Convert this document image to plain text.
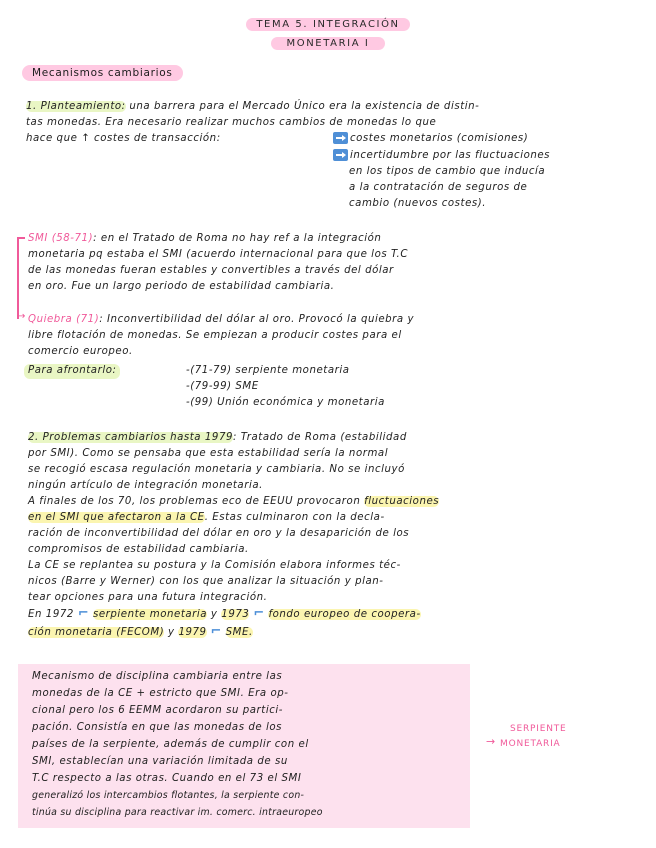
TEMA 5. INTEGRACIÓN
MONETARIA I
Mecanismos cambiarios
1. Planteamiento: una barrera para el Mercado Único era la existencia de distin-
tas monedas. Era necesario realizar muchos cambios de monedas lo que
hace que ↑ costes de transacción:	costes monetarios (comisiones)
incertidumbre por las fluctuaciones
en los tipos de cambio que inducía
a la contratación de seguros de
cambio (nuevos costes).
→
SMI (58-71): en el Tratado de Roma no hay ref a la integración
monetaria pq estaba el SMI (acuerdo internacional para que los T.C
de las monedas fueran estables y convertibles a través del dólar
en oro. Fue un largo periodo de estabilidad cambiaria.
Quiebra (71): Inconvertibilidad del dólar al oro. Provocó la quiebra y
libre flotación de monedas. Se empiezan a producir costes para el
comercio europeo.
Para afrontarlo:	-(71-79) serpiente monetaria
-(79-99) SME
-(99) Unión económica y monetaria
2. Problemas cambiarios hasta 1979: Tratado de Roma (estabilidad
por SMI). Como se pensaba que esta estabilidad sería la normal
se recogió escasa regulación monetaria y cambiaria. No se incluyó
ningún artículo de integración monetaria.
A finales de los 70, los problemas eco de EEUU provocaron fluctuaciones
en el SMI que afectaron a la CE. Estas culminaron con la decla-
ración de inconvertibilidad del dólar en oro y la desaparición de los
compromisos de estabilidad cambiaria.
La CE se replantea su postura y la Comisión elabora informes téc-
nicos (Barre y Werner) con los que analizar la situación y plan-
tear opciones para una futura integración.
En 1972 ⌐ serpiente monetaria y 1973 ⌐ fondo europeo de coopera-
ción monetaria (FECOM) y 1979 ⌐ SME.
Mecanismo de disciplina cambiaria entre las
monedas de la CE + estricto que SMI. Era op-
cional pero los 6 EEMM acordaron su partici-
pación. Consistía en que las monedas de los
países de la serpiente, además de cumplir con el
SMI, establecían una variación limitada de su
T.C respecto a las otras. Cuando en el 73 el SMI
generalizó los intercambios flotantes, la serpiente con-
tinúa su disciplina para reactivar im. comerc. intraeuropeo
→
SERPIENTE
MONETARIA
